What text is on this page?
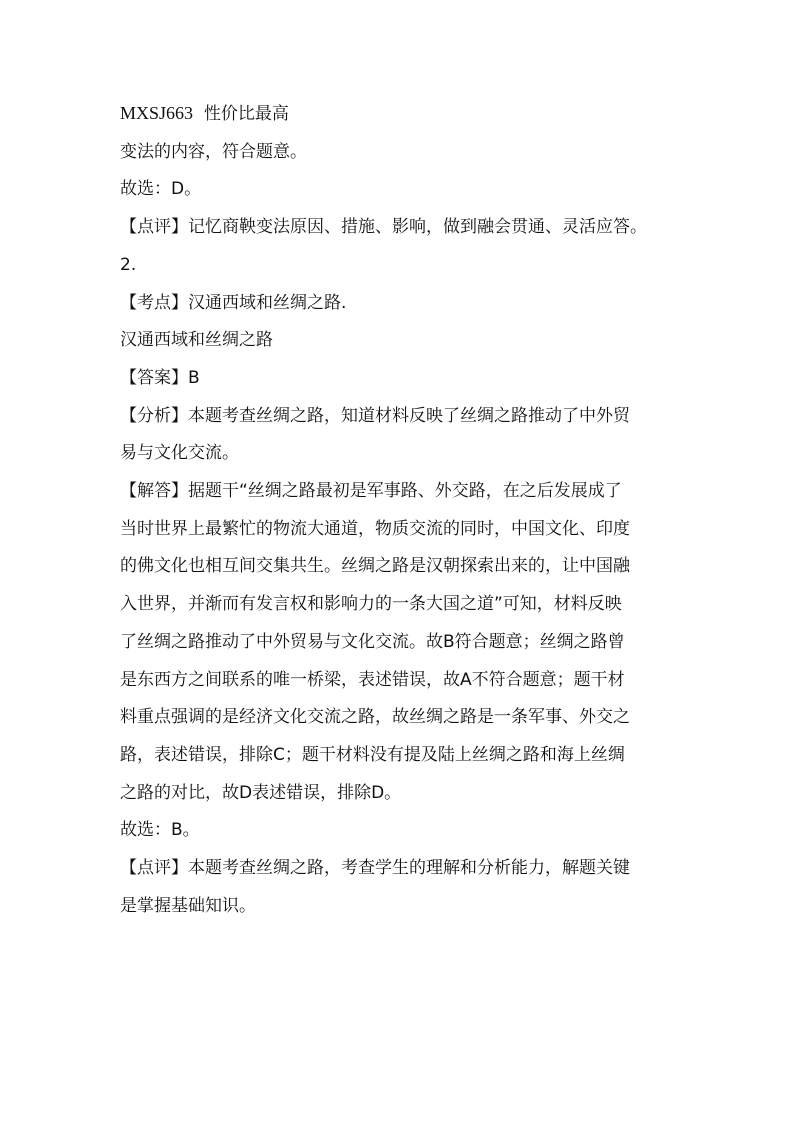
MXSJ663 性价比最高

变法的内容，符合题意。

故选：D。

【点评】记忆商鞅变法原因、措施、影响，做到融会贯通、灵活应答。

2.

【考点】汉通西域和丝绸之路.

汉通西域和丝绸之路

【答案】B

【分析】本题考查丝绸之路，知道材料反映了丝绸之路推动了中外贸

易与文化交流。

【解答】据题干“丝绸之路最初是军事路、外交路，在之后发展成了

当时世界上最繁忙的物流大通道，物质交流的同时，中国文化、印度

的佛文化也相互间交集共生。丝绸之路是汉朝探索出来的，让中国融

入世界，并渐而有发言权和影响力的一条大国之道”可知，材料反映

了丝绸之路推动了中外贸易与文化交流。故B符合题意；丝绸之路曾

是东西方之间联系的唯一桥梁，表述错误，故A不符合题意；题干材

料重点强调的是经济文化交流之路，故丝绸之路是一条军事、外交之

路，表述错误，排除C；题干材料没有提及陆上丝绸之路和海上丝绸

之路的对比，故D表述错误，排除D。

故选：B。

【点评】本题考查丝绸之路，考查学生的理解和分析能力，解题关键

是掌握基础知识。
